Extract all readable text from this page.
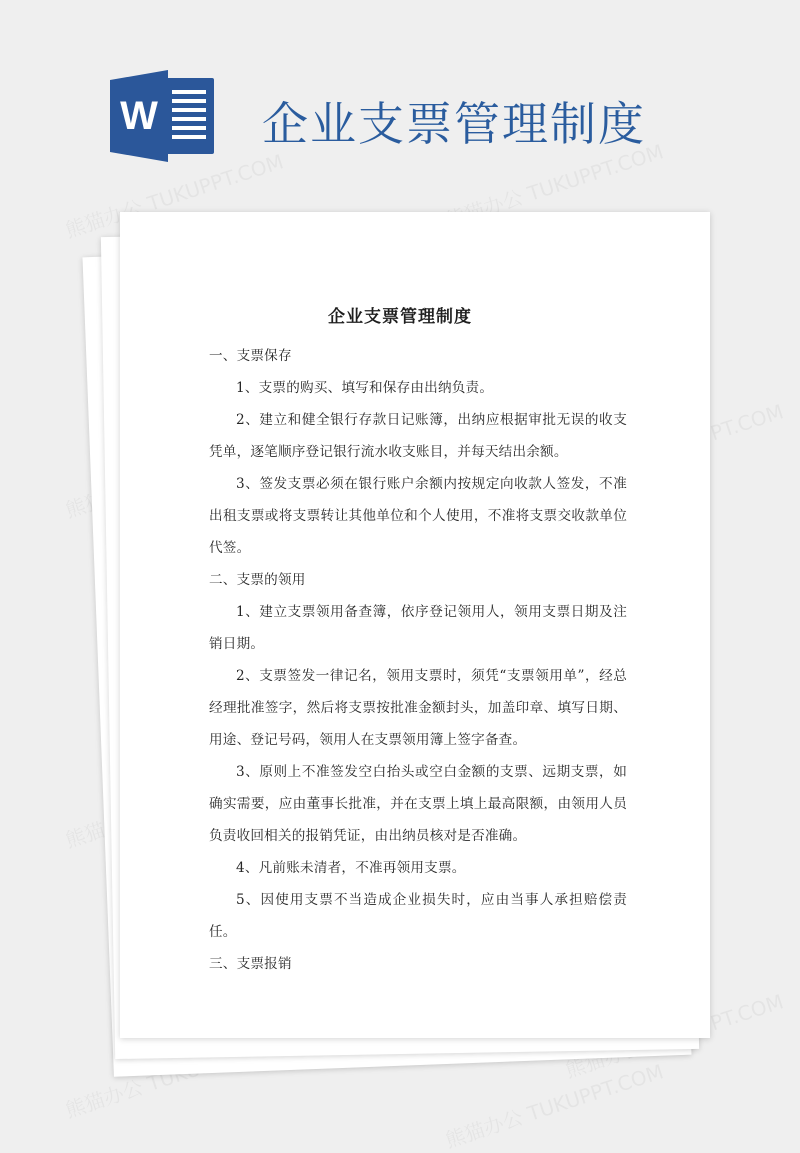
W 企业支票管理制度
企业支票管理制度

一、支票保存

1、支票的购买、填写和保存由出纳负责。

2、建立和健全银行存款日记账簿，出纳应根据审批无误的收支凭单，逐笔顺序登记银行流水收支账目，并每天结出余额。

3、签发支票必须在银行账户余额内按规定向收款人签发，不准出租支票或将支票转让其他单位和个人使用，不准将支票交收款单位代签。

二、支票的领用

1、建立支票领用备查簿，依序登记领用人，领用支票日期及注销日期。

2、支票签发一律记名，领用支票时，须凭“支票领用单”，经总经理批准签字，然后将支票按批准金额封头，加盖印章、填写日期、用途、登记号码，领用人在支票领用簿上签字备查。

3、原则上不准签发空白抬头或空白金额的支票、远期支票，如确实需要，应由董事长批准，并在支票上填上最高限额，由领用人员负责收回相关的报销凭证，由出纳员核对是否准确。

4、凡前账未清者，不准再领用支票。

5、因使用支票不当造成企业损失时，应由当事人承担赔偿责任。

三、支票报销
